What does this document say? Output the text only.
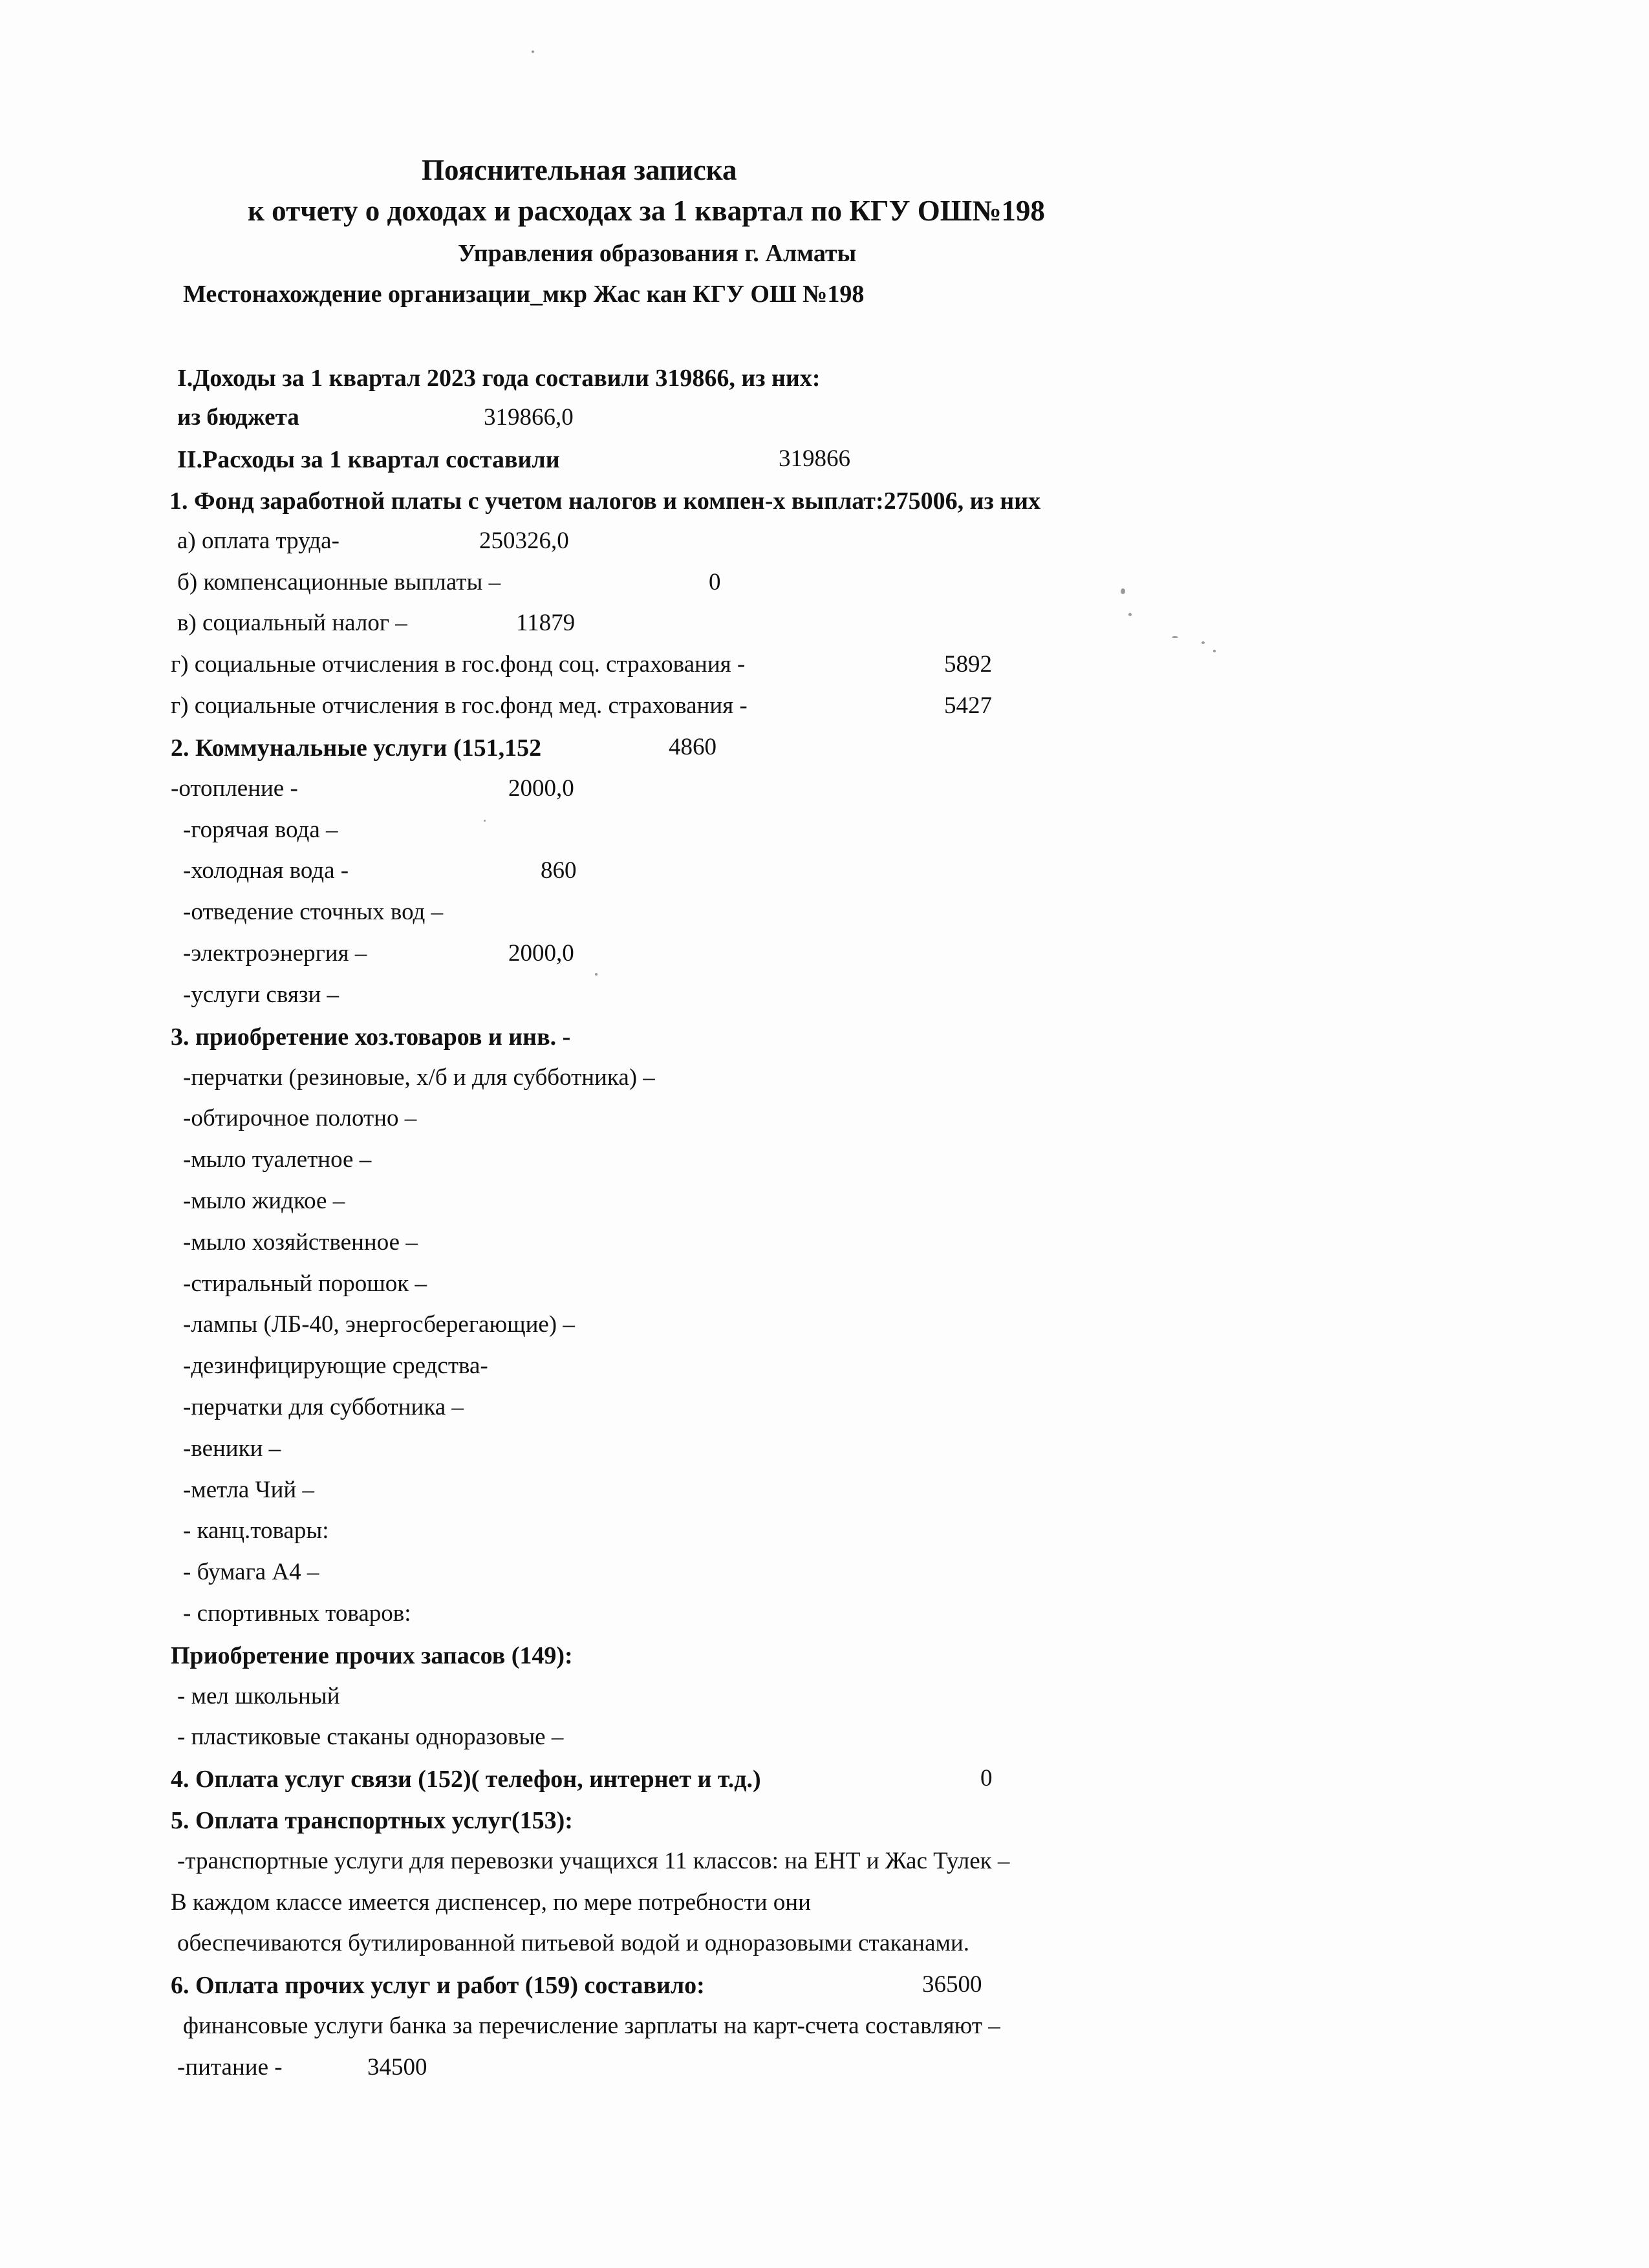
Пояснительная записка
к отчету о доходах и расходах за 1 квартал по КГУ ОШ№198
Управления образования г. Алматы
Местонахождение организации_мкр Жас кан КГУ ОШ №198
I.Доходы за 1 квартал 2023 года составили 319866, из них:
из бюджета	319866,0
II.Расходы за 1 квартал составили	319866
1. Фонд заработной платы с учетом налогов и компен-х выплат:275006, из них
а) оплата труда-	250326,0
б) компенсационные выплаты –	0
в) социальный налог –	11879
г) социальные отчисления в гос.фонд соц. страхования -	5892
г) социальные отчисления в гос.фонд мед. страхования -	5427
2. Коммунальные услуги (151,152	4860
-отопление -	2000,0
-горячая вода –
-холодная вода -	860
-отведение сточных вод –
-электроэнергия –	2000,0
-услуги связи –
3. приобретение хоз.товаров и инв. -
-перчатки (резиновые, х/б и для субботника) –
-обтирочное полотно –
-мыло туалетное –
-мыло жидкое –
-мыло хозяйственное –
-стиральный порошок –
-лампы (ЛБ-40, энергосберегающие) –
-дезинфицирующие средства-
-перчатки для субботника –
-веники –
-метла Чий –
- канц.товары:
- бумага А4 –
- спортивных товаров:
Приобретение прочих запасов (149):
- мел школьный
- пластиковые стаканы одноразовые –
4. Оплата услуг связи (152)( телефон, интернет и т.д.)	0
5. Оплата транспортных услуг(153):
-транспортные услуги для перевозки учащихся 11 классов: на ЕНТ и Жас Тулек –
В каждом классе имеется диспенсер, по мере потребности они
обеспечиваются бутилированной питьевой водой и одноразовыми стаканами.
6. Оплата прочих услуг и работ (159) составило:	36500
финансовые услуги банка за перечисление зарплаты на карт-счета составляют –
-питание -	34500
